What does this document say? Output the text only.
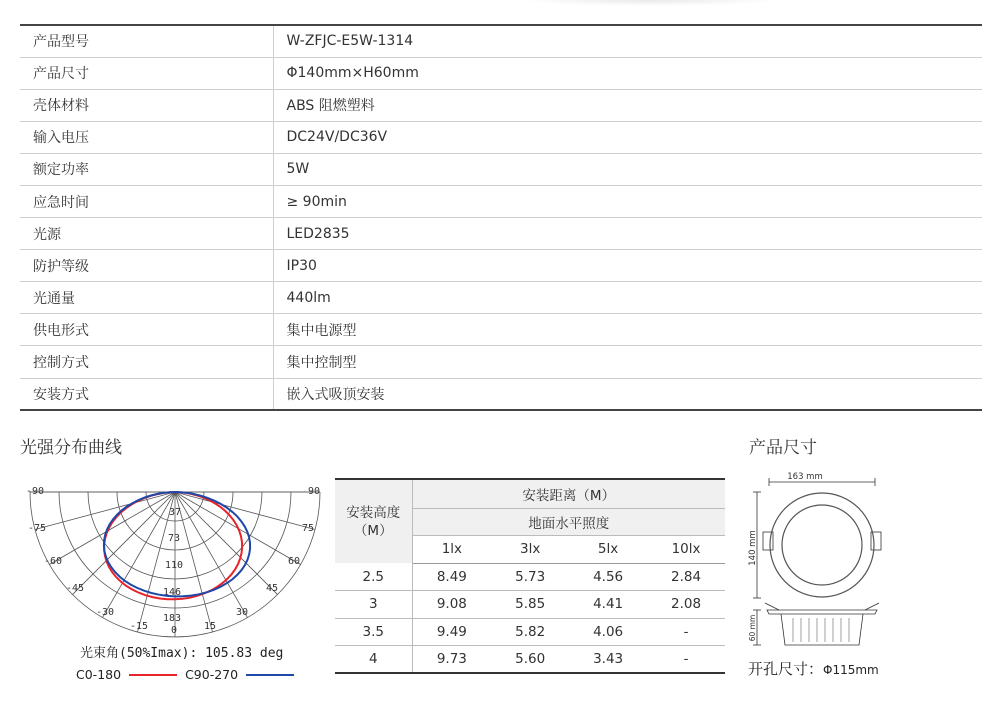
产品型号	W-ZFJC-E5W-1314
产品尺寸	Φ140mm×H60mm
壳体材料	ABS 阻燃塑料
输入电压	DC24V/DC36V
额定功率	5W
应急时间	≥ 90min
光源	LED2835
防护等级	IP30
光通量	440lm
供电形式	集中电源型
控制方式	集中控制型
安装方式	嵌入式吸顶安装
光强分布曲线
-90
-75
-60
-45
-30
-15
90
75
60
45
30
15
0
37
73
110
146
183
光束角(50%Imax): 105.83 deg
C0-180	C90-270
安装高度（M）	安装距离（M）			
	地面水平照度			
	1lx	3lx	5lx	10lx
2.5	8.49	5.73	4.56	2.84
3	9.08	5.85	4.41	2.08
3.5	9.49	5.82	4.06	-
4	9.73	5.60	3.43	-
产品尺寸
163 mm
140 mm
60 mm
开孔尺寸：Φ115mm
